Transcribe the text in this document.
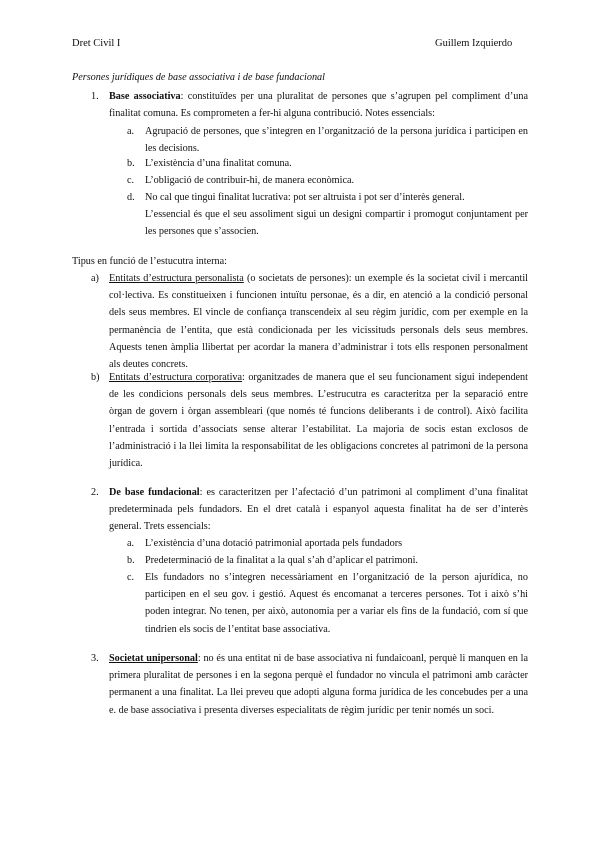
Dret Civil I	Guillem Izquierdo
Persones jurídiques de base associativa i de base fundacional
1. Base associativa: constituïdes per una pluralitat de persones que s’agrupen pel compliment d’una finalitat comuna. Es comprometen a fer-hi alguna contribució. Notes essencials:
a. Agrupació de persones, que s’integren en l’organització de la persona jurídica i participen en les decisions.
b. L’existència d’una finalitat comuna.
c. L’obligació de contribuir-hi, de manera econòmica.
d. No cal que tingui finalitat lucrativa: pot ser altruista i pot ser d’interès general.
L’essencial és que el seu assoliment sigui un designi compartir i promogut conjuntament per les persones que s’associen.
Tipus en funció de l’estucutra interna:
a) Entitats d’estructura personalista (o societats de persones): un exemple és la societat civil i mercantil col·lectiva. Es constitueixen i funcionen intuïtu personae, és a dir, en atenció a la condició personal dels seus membres. El vincle de confiança transcendeix al seu règim jurídic, com per exemple en la permanència de l’entita, que està condicionada per les vicissituds personals dels seus membres. Aquests tenen àmplia llibertat per acordar la manera d’administrar i tots ells responen personalment als deutes concrets.
b) Entitats d’estructura corporativa: organitzades de manera que el seu funcionament sigui independent de les condicions personals dels seus membres. L’estrucutra es caracteritza per la separació entre òrgan de govern i òrgan assembleari (que només té funcions deliberants i de control). Això facilita l’entrada i sortida d’associats sense alterar l’estabilitat. La majoria de socis estan exclosos de l’administració i la llei limita la responsabilitat de les obligacions concretes al patrimoni de la persona jurídica.
2. De base fundacional: es caracteritzen per l’afectació d’un patrimoni al compliment d’una finalitat predeterminada pels fundadors. En el dret català i espanyol aquesta finalitat ha de ser d’interès general. Trets essencials:
a. L’existència d’una dotació patrimonial aportada pels fundadors
b. Predeterminació de la finalitat a la qual s’ah d’aplicar el patrimoni.
c. Els fundadors no s’integren necessàriament en l’organització de la person ajurídica, no participen en el seu gov. i gestió. Aquest és encomanat a terceres persones. Tot i això s’hi poden integrar. No tenen, per això, autonomia per a variar els fins de la fundació, com sí que tindrien els socis de l’entitat base associativa.
3. Societat unipersonal: no és una entitat ni de base associativa ni fundaicoanl, perquè li manquen en la primera pluralitat de persones i en la segona perquè el fundador no vincula el patrimoni amb caràcter permanent a una finalitat. La llei preveu que adopti alguna forma jurídica de les concebudes per a una e. de base associativa i presenta diverses especialitats de règim jurídic per tenir només un soci.
